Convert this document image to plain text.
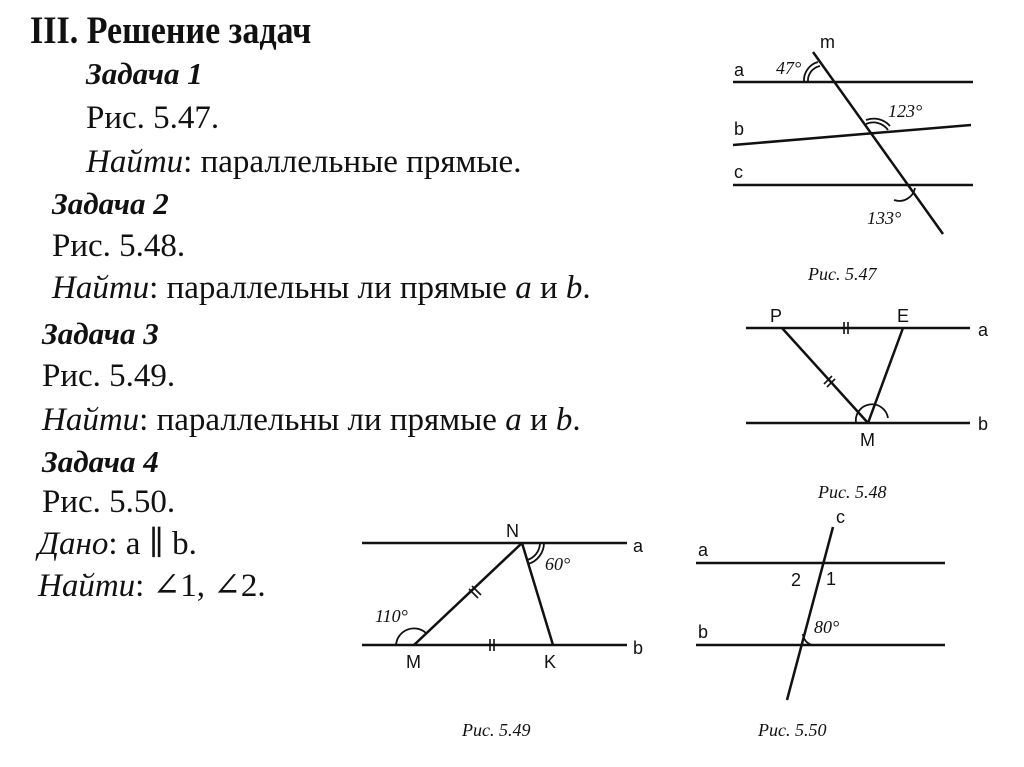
III. Решение задач
Задача 1
Рис. 5.47.
Найти: параллельные прямые.
Задача 2
Рис. 5.48.
Найти: параллельны ли прямые a и b.
Задача 3
Рис. 5.49.
Найти: параллельны ли прямые a и b.
Задача 4
Рис. 5.50.
Дано: a ∥ b.
Найти: ∠1, ∠2.
a
b
c
m
47°
123°
133°
Рис. 5.47
P	E
M
a
b
Рис. 5.48
N
M	K
a
b
60°
110°
Рис. 5.49
a
b
c
2 1
80°
Рис. 5.50
